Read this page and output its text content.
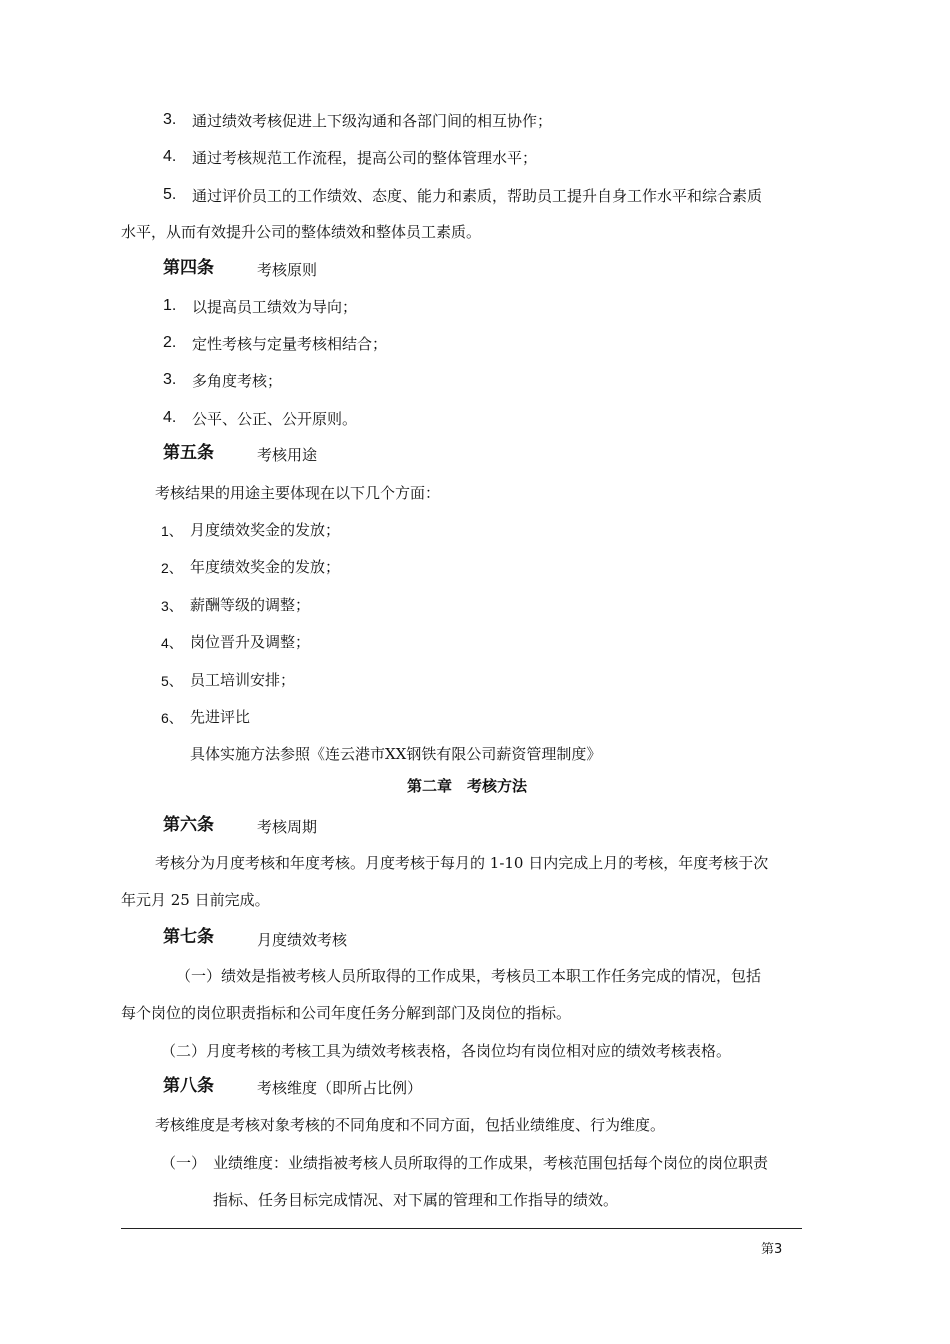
3. 通过绩效考核促进上下级沟通和各部门间的相互协作；
4. 通过考核规范工作流程，提高公司的整体管理水平；
5. 通过评价员工的工作绩效、态度、能力和素质，帮助员工提升自身工作水平和综合素质
水平，从而有效提升公司的整体绩效和整体员工素质。
第四条	考核原则
1. 以提高员工绩效为导向；
2. 定性考核与定量考核相结合；
3. 多角度考核；
4. 公平、公正、公开原则。
第五条	考核用途
考核结果的用途主要体现在以下几个方面：
1、 月度绩效奖金的发放；
2、 年度绩效奖金的发放；
3、 薪酬等级的调整；
4、 岗位晋升及调整；
5、 员工培训安排；
6、 先进评比
具体实施方法参照《连云港市XX钢铁有限公司薪资管理制度》
第二章　考核方法
第六条	考核周期
考核分为月度考核和年度考核。月度考核于每月的 1-10 日内完成上月的考核，年度考核于次
年元月 25 日前完成。
第七条	月度绩效考核
（一）绩效是指被考核人员所取得的工作成果，考核员工本职工作任务完成的情况，包括
每个岗位的岗位职责指标和公司年度任务分解到部门及岗位的指标。
（二）月度考核的考核工具为绩效考核表格，各岗位均有岗位相对应的绩效考核表格。
第八条	考核维度（即所占比例）
考核维度是考核对象考核的不同角度和不同方面，包括业绩维度、行为维度。
（一） 业绩维度：业绩指被考核人员所取得的工作成果，考核范围包括每个岗位的岗位职责
指标、任务目标完成情况、对下属的管理和工作指导的绩效。
第3
